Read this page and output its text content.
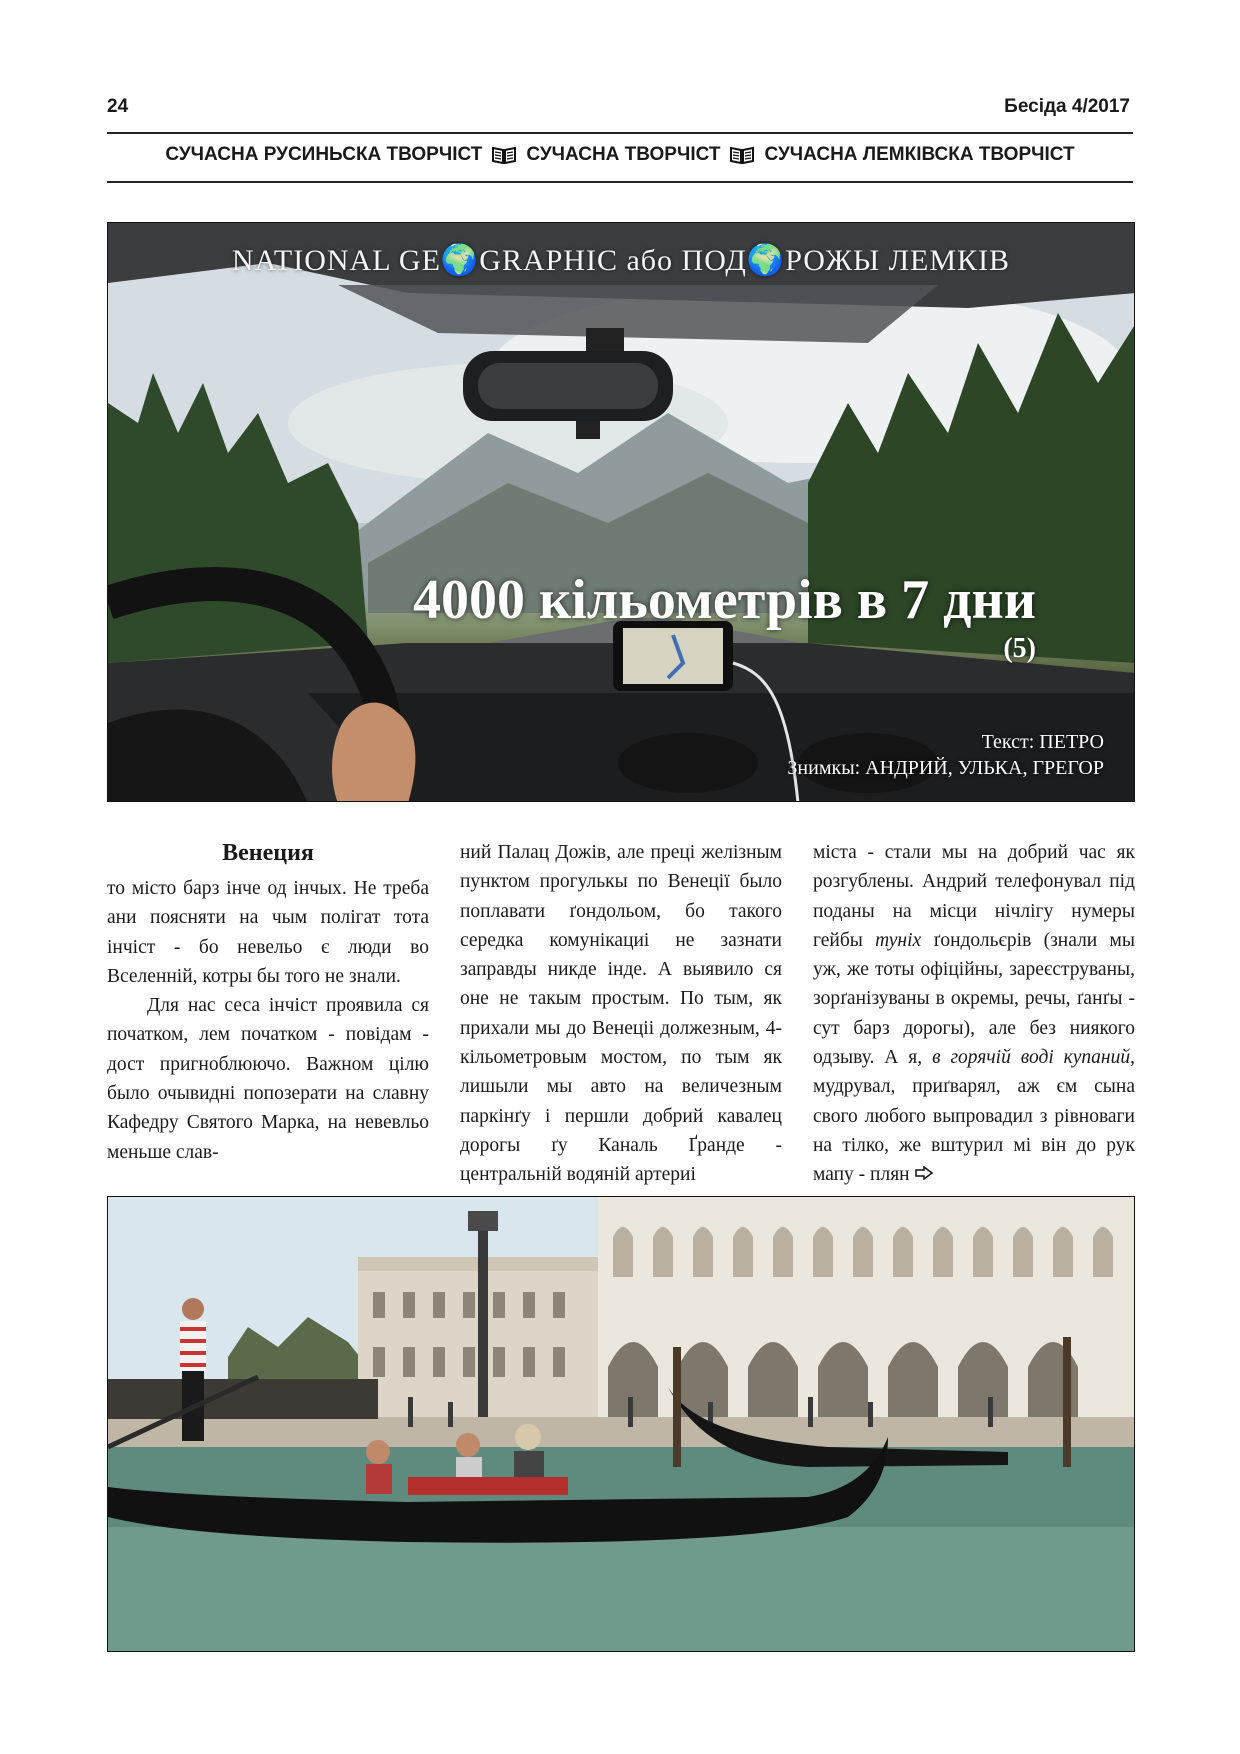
24	Бесіда 4/2017
СУЧАСНА РУСИНЬСКА ТВОРЧІСТ СУЧАСНА ТВОРЧІСТ СУЧАСНА ЛЕМКІВСКА ТВОРЧІСТ
NATIONAL GE🌍GRAPHIC або ПОД🌍РОЖЫ ЛЕМКІВ
4000 кільометрів в 7 дни
(5)
Текст: ПЕТРО
Знимкы: АНДРИЙ, УЛЬКА, ГРЕГОР

Венеция

то місто барз інче од інчых. Не треба ани поясняти на чым полігат тота інчіст - бо невельо є люди во Вселенній, котры бы того не знали.

Для нас сеса інчіст проявила ся початком, лем початком - повідам - дост пригноблюючо. Важном цілю было очывидні попозерати на славну Кафедру Святого Марка, на невевльо меньше слав-

ний Палац Дожів, але преці желізным пунктом прогулькы по Венеції было поплавати ґондольом, бо такого середка комунікациі не зазнати заправды никде інде. А выявило ся оне не такым простым. По тым, як прихали мы до Венеціі должезным, 4-кільометровым мостом, по тым як лишыли мы авто на величезным паркінґу і першли добрий кавалец дорогы ґу Каналь Ґранде - центральній водяній артериі

міста - стали мы на добрий час як розгублены. Андрий телефонувал під поданы на місци нічлігу нумеры гейбы туніх ґондольєрів (знали мы уж, же тоты офіційны, зареєструваны, зорґанізуваны в окремы, речы, ґанґы - сут барз дорогы), але без ниякого одзыву. А я, в горячій воді купаний, мудрувал, приґварял, аж єм сына свого любого выпровадил з рівноваги на тілко, же вштурил мі він до рук мапу - плян
